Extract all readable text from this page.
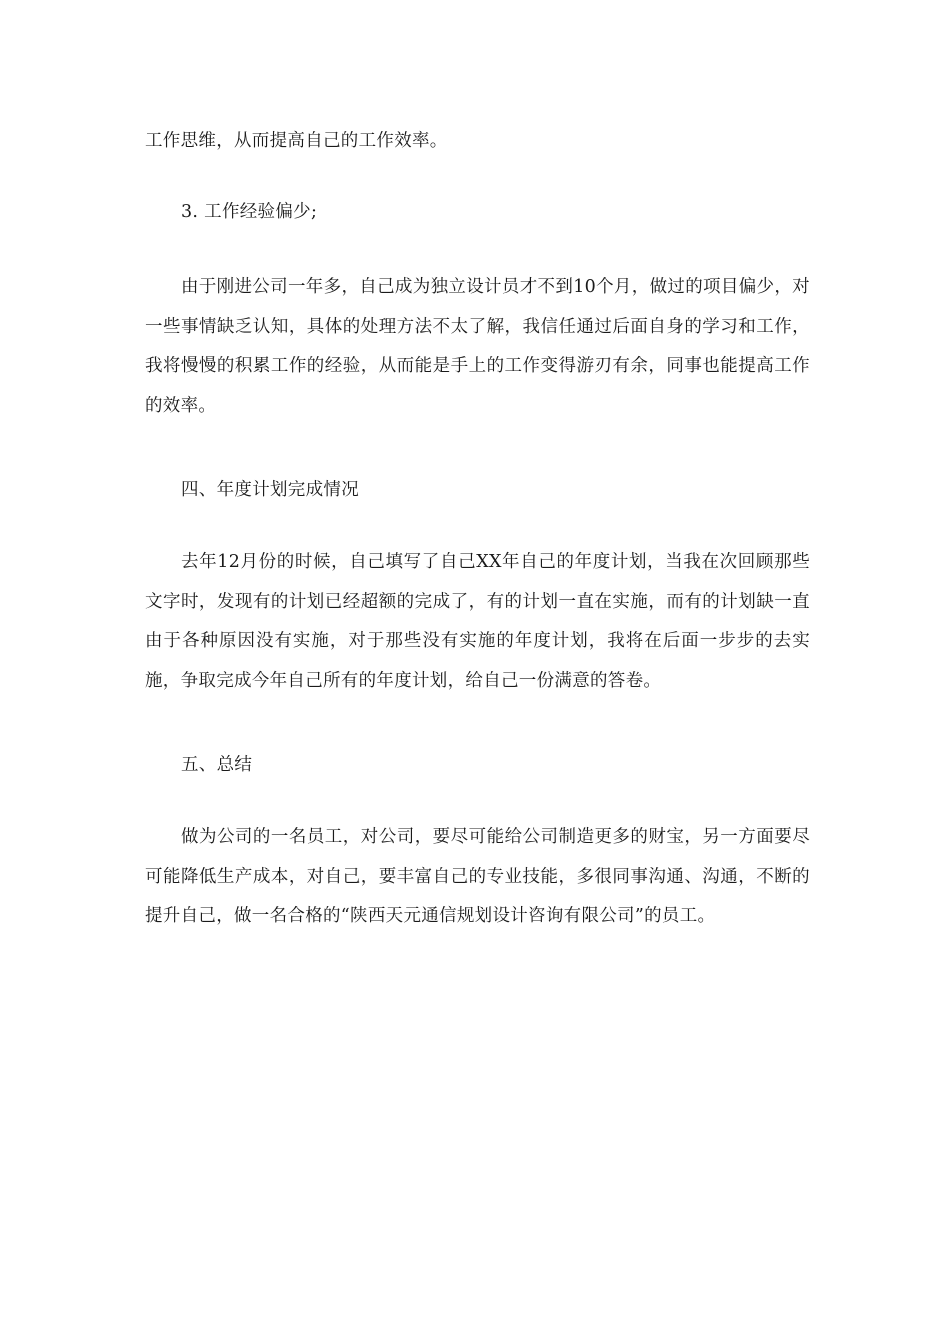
工作思维，从而提高自己的工作效率。

3. 工作经验偏少;

由于刚进公司一年多，自己成为独立设计员才不到10个月，做过的项目偏少，对一些事情缺乏认知，具体的处理方法不太了解，我信任通过后面自身的学习和工作，我将慢慢的积累工作的经验，从而能是手上的工作变得游刃有余，同事也能提高工作的效率。

四、年度计划完成情况

去年12月份的时候，自己填写了自己XX年自己的年度计划，当我在次回顾那些文字时，发现有的计划已经超额的完成了，有的计划一直在实施，而有的计划缺一直由于各种原因没有实施，对于那些没有实施的年度计划，我将在后面一步步的去实施，争取完成今年自己所有的年度计划，给自己一份满意的答卷。

五、总结

做为公司的一名员工，对公司，要尽可能给公司制造更多的财宝，另一方面要尽可能降低生产成本，对自己，要丰富自己的专业技能，多很同事沟通、沟通，不断的提升自己，做一名合格的“陕西天元通信规划设计咨询有限公司”的员工。
